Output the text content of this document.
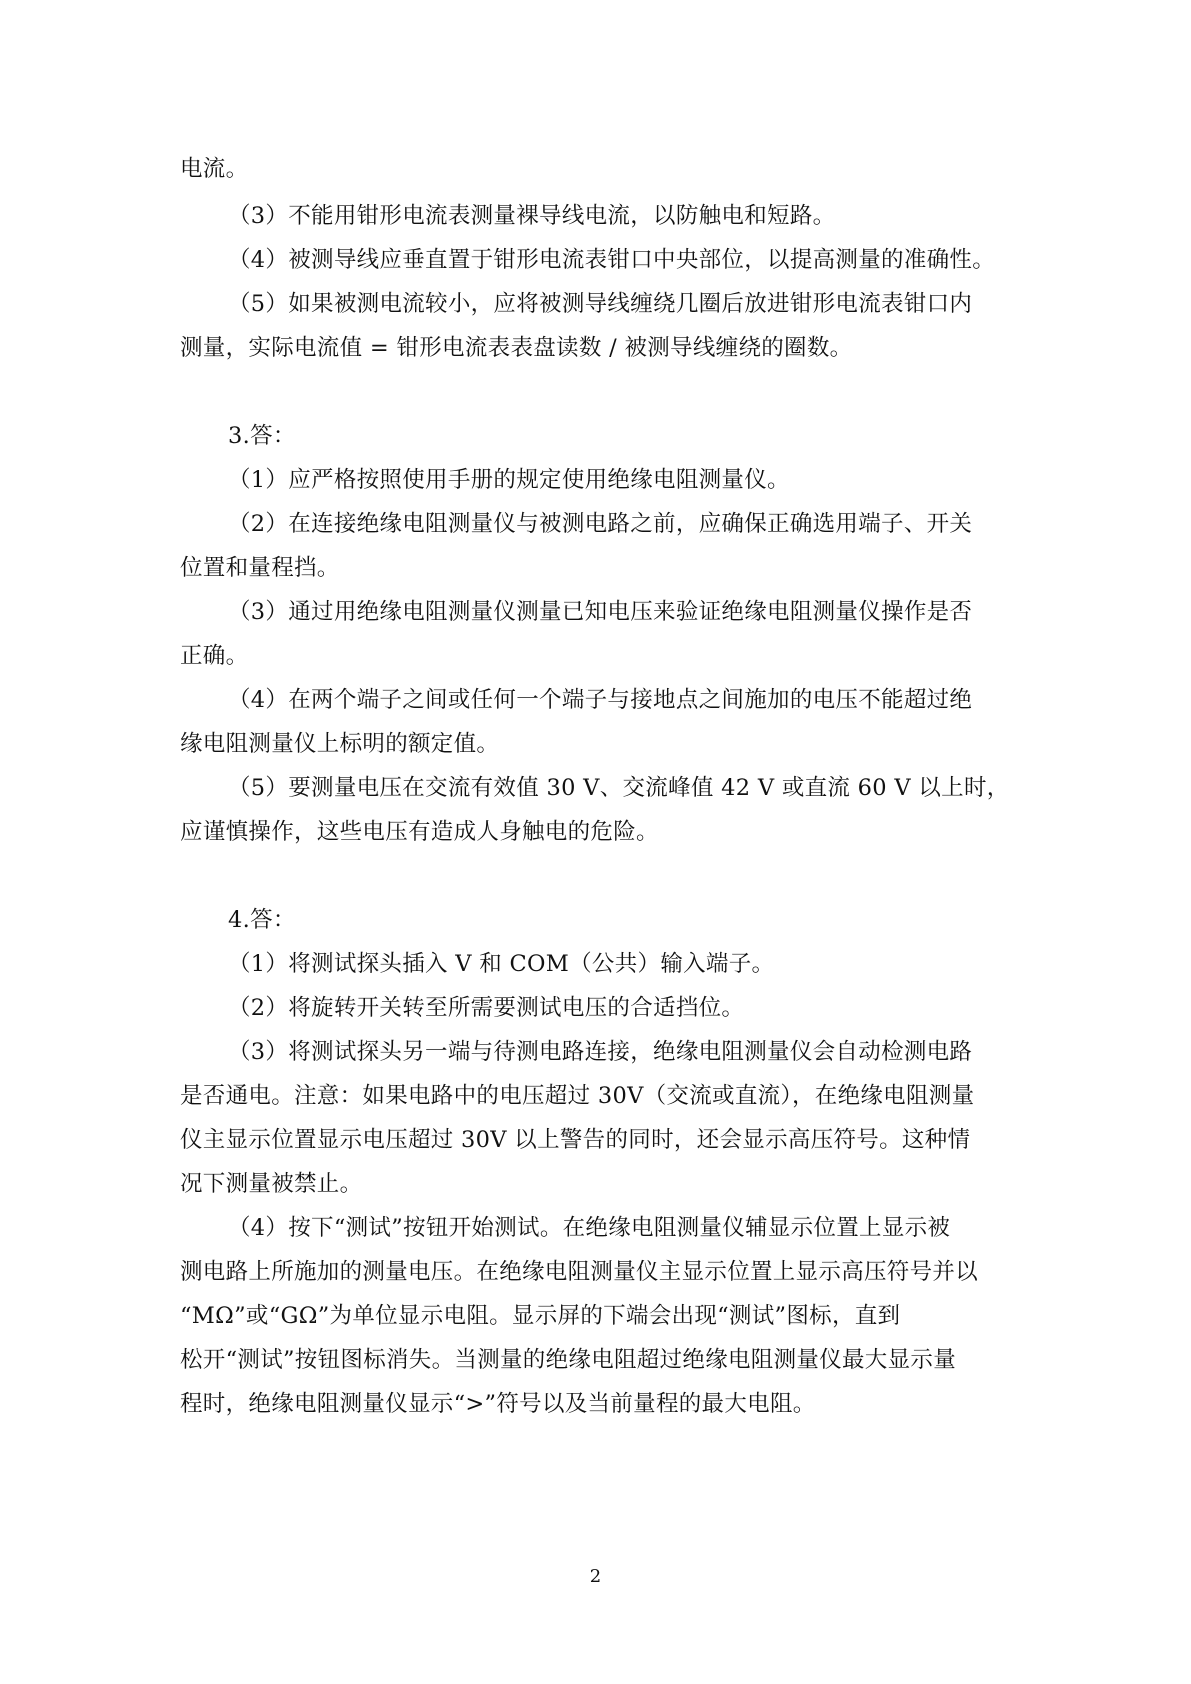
电流。
（3）不能用钳形电流表测量裸导线电流，以防触电和短路。
（4）被测导线应垂直置于钳形电流表钳口中央部位，以提高测量的准确性。
（5）如果被测电流较小，应将被测导线缠绕几圈后放进钳形电流表钳口内
测量，实际电流值 = 钳形电流表表盘读数 / 被测导线缠绕的圈数。
3.答：
（1）应严格按照使用手册的规定使用绝缘电阻测量仪。
（2）在连接绝缘电阻测量仪与被测电路之前，应确保正确选用端子、开关
位置和量程挡。
（3）通过用绝缘电阻测量仪测量已知电压来验证绝缘电阻测量仪操作是否
正确。
（4）在两个端子之间或任何一个端子与接地点之间施加的电压不能超过绝
缘电阻测量仪上标明的额定值。
（5）要测量电压在交流有效值 30 V、交流峰值 42 V 或直流 60 V 以上时，
应谨慎操作，这些电压有造成人身触电的危险。
4.答：
（1）将测试探头插入 V 和 COM（公共）输入端子。
（2）将旋转开关转至所需要测试电压的合适挡位。
（3）将测试探头另一端与待测电路连接，绝缘电阻测量仪会自动检测电路
是否通电。注意：如果电路中的电压超过 30V（交流或直流），在绝缘电阻测量
仪主显示位置显示电压超过 30V 以上警告的同时，还会显示高压符号。这种情
况下测量被禁止。
（4）按下“测试”按钮开始测试。在绝缘电阻测量仪辅显示位置上显示被
测电路上所施加的测量电压。在绝缘电阻测量仪主显示位置上显示高压符号并以
“MΩ”或“GΩ”为单位显示电阻。显示屏的下端会出现“测试”图标，直到
松开“测试”按钮图标消失。当测量的绝缘电阻超过绝缘电阻测量仪最大显示量
程时，绝缘电阻测量仪显示“>”符号以及当前量程的最大电阻。
2
